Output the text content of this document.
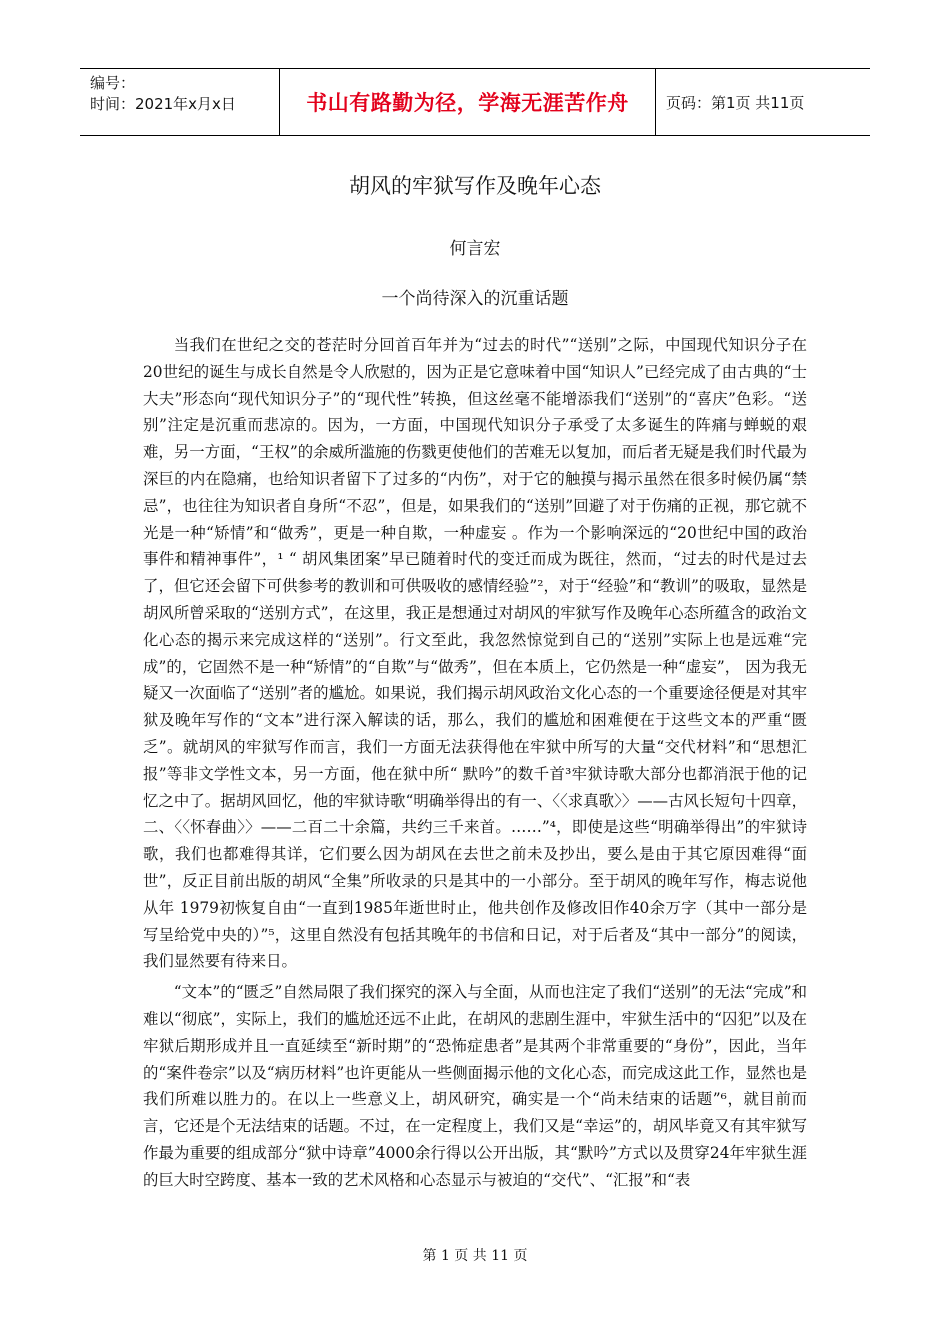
编号：
时间：2021年x月x日	书山有路勤为径，学海无涯苦作舟 页码：第1页 共11页
胡风的牢狱写作及晚年心态
何言宏
一个尚待深入的沉重话题

当我们在世纪之交的苍茫时分回首百年并为“过去的时代”“送别”之际，中国现代知识分子在20世纪的诞生与成长自然是令人欣慰的，因为正是它意味着中国“知识人”已经完成了由古典的“士大夫”形态向“现代知识分子”的“现代性”转换，但这丝毫不能增添我们“送别”的“喜庆”色彩。“送别”注定是沉重而悲凉的。因为，一方面，中国现代知识分子承受了太多诞生的阵痛与蝉蜕的艰难，另一方面，“王权”的余威所滥施的伤戮更使他们的苦难无以复加，而后者无疑是我们时代最为深巨的内在隐痛，也给知识者留下了过多的“内伤”，对于它的触摸与揭示虽然在很多时候仍属“禁忌”，也往往为知识者自身所“不忍”，但是，如果我们的“送别”回避了对于伤痛的正视，那它就不光是一种“矫情”和“做秀”，更是一种自欺，一种虚妄 。作为一个影响深远的“20世纪中国的政治事件和精神事件”，¹ “ 胡风集团案”早已随着时代的变迁而成为既往，然而，“过去的时代是过去了，但它还会留下可供参考的教训和可供吸收的感情经验”²，对于“经验”和“教训”的吸取，显然是胡风所曾采取的“送别方式”，在这里，我正是想通过对胡风的牢狱写作及晚年心态所蕴含的政治文化心态的揭示来完成这样的“送别”。行文至此，我忽然惊觉到自己的“送别”实际上也是远难“完成”的，它固然不是一种“矫情”的“自欺”与“做秀”，但在本质上，它仍然是一种“虚妄”， 因为我无疑又一次面临了“送别”者的尴尬。如果说，我们揭示胡风政治文化心态的一个重要途径便是对其牢狱及晚年写作的“文本”进行深入解读的话，那么，我们的尴尬和困难便在于这些文本的严重“匮乏”。就胡风的牢狱写作而言，我们一方面无法获得他在牢狱中所写的大量“交代材料”和“思想汇报”等非文学性文本，另一方面，他在狱中所“ 默吟”的数千首³牢狱诗歌大部分也都消泯于他的记忆之中了。据胡风回忆，他的牢狱诗歌“明确举得出的有一、〈〈求真歌〉〉——古风长短句十四章，二、〈〈怀春曲〉〉——二百二十余篇，共约三千来首。……”⁴，即使是这些“明确举得出”的牢狱诗歌，我们也都难得其详，它们要么因为胡风在去世之前未及抄出，要么是由于其它原因难得“面世”，反正目前出版的胡风“全集”所收录的只是其中的一小部分。至于胡风的晚年写作，梅志说他从年 1979初恢复自由“一直到1985年逝世时止，他共创作及修改旧作40余万字（其中一部分是写呈给党中央的）”⁵，这里自然没有包括其晚年的书信和日记，对于后者及“其中一部分”的阅读，我们显然要有待来日。

“文本”的“匮乏”自然局限了我们探究的深入与全面，从而也注定了我们“送别”的无法“完成”和难以“彻底”，实际上，我们的尴尬还远不止此，在胡风的悲剧生涯中，牢狱生活中的“囚犯”以及在牢狱后期形成并且一直延续至“新时期”的“恐怖症患者”是其两个非常重要的“身份”，因此，当年的“案件卷宗”以及“病历材料”也许更能从一些侧面揭示他的文化心态，而完成这此工作，显然也是我们所难以胜力的。在以上一些意义上，胡风研究，确实是一个“尚未结束的话题”⁶，就目前而言，它还是个无法结束的话题。不过，在一定程度上，我们又是“幸运”的，胡风毕竟又有其牢狱写作最为重要的组成部分“狱中诗章”4000余行得以公开出版，其“默吟”方式以及贯穿24年牢狱生涯的巨大时空跨度、基本一致的艺术风格和心态显示与被迫的“交代”、“汇报”和“表

第 1 页 共 11 页
